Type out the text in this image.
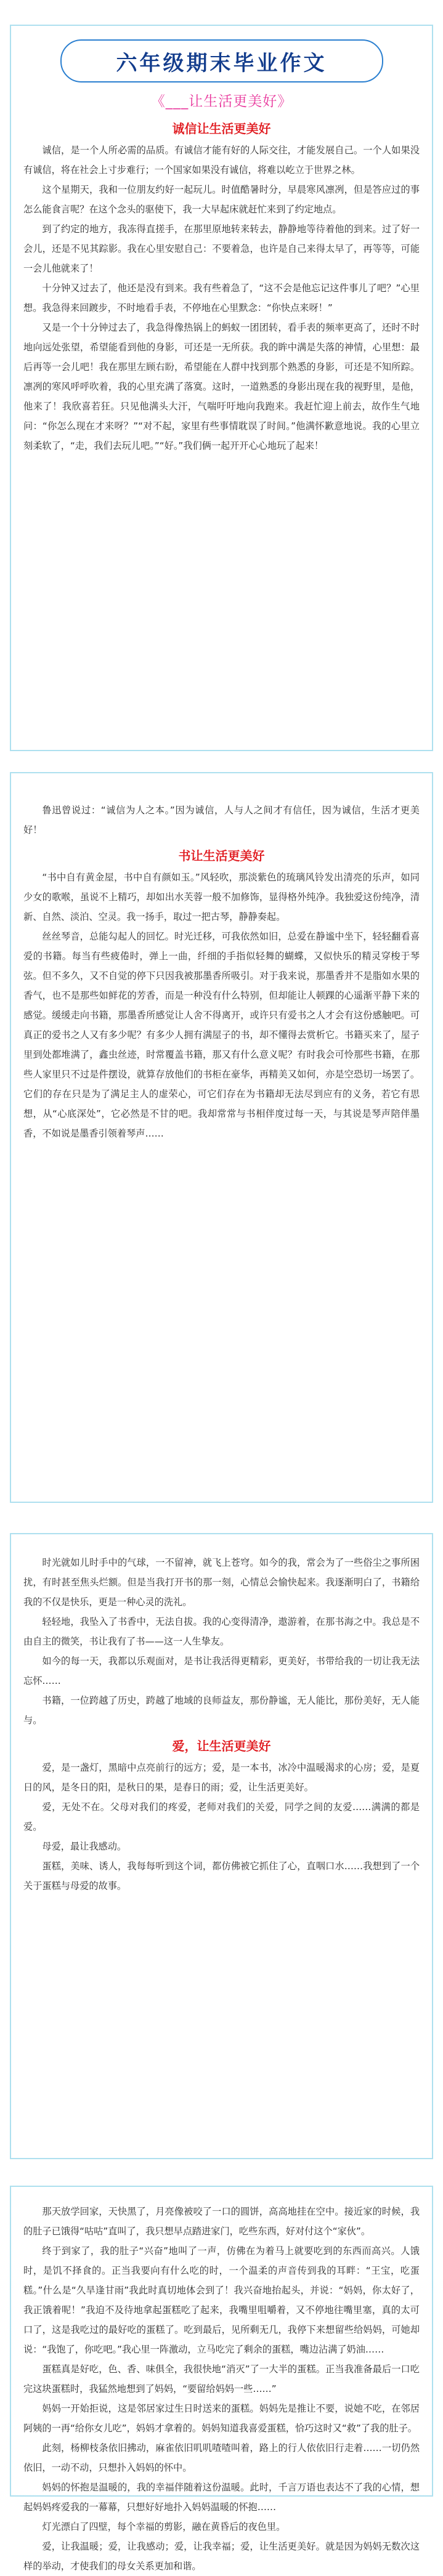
六年级期末毕业作文
《___让生活更美好》
诚信让生活更美好

诚信，是一个人所必需的品质。有诚信才能有好的人际交往，才能发展自己。一个人如果没有诚信，将在社会上寸步难行；一个国家如果没有诚信，将难以屹立于世界之林。

这个星期天，我和一位朋友约好一起玩儿。时值酷暑时分，早晨寒风凛冽，但是答应过的事怎么能食言呢？在这个念头的驱使下，我一大早起床就赶忙来到了约定地点。

到了约定的地方，我冻得直搓手，在那里原地转来转去，静静地等待着他的到来。过了好一会儿，还是不见其踪影。我在心里安慰自己：不要着急，也许是自己来得太早了，再等等，可能一会儿他就来了！

十分钟又过去了，他还是没有到来。我有些着急了，“这不会是他忘记这件事儿了吧？”心里想。我急得来回踱步，不时地看手表，不停地在心里默念：“你快点来呀！”

又是一个十分钟过去了，我急得像热锅上的蚂蚁一团团转，看手表的频率更高了，还时不时地向远处张望，希望能看到他的身影，可还是一无所获。我的眸中满是失落的神情，心里想：最后再等一会儿吧！我在那里左顾右盼，希望能在人群中找到那个熟悉的身影，可还是不知所踪。凛冽的寒风呼呼吹着，我的心里充满了落寞。这时，一道熟悉的身影出现在我的视野里，是他，他来了！我欣喜若狂。只见他满头大汗，气喘吁吁地向我跑来。我赶忙迎上前去，故作生气地问：“你怎么现在才来呀？”“对不起，家里有些事情耽误了时间。”他满怀歉意地说。我的心里立刻柔软了，“走，我们去玩儿吧。”“好。”我们俩一起开开心心地玩了起来！

鲁迅曾说过：“诚信为人之本。”因为诚信，人与人之间才有信任，因为诚信，生活才更美好！

书让生活更美好

“书中自有黄金屋，书中自有颜如玉。”风轻吹，那淡紫色的琉璃风铃发出清亮的乐声，如同少女的歌喉，虽说不上精巧，却如出水芙蓉一般不加修饰，显得格外纯净。我独爱这份纯净，清新、自然、淡泊、空灵。我一扬手，取过一把古琴，静静奏起。

丝丝琴音，总能勾起人的回忆。时光迁移，可我依然如旧，总爱在静谧中坐下，轻轻翻看喜爱的书籍。每当有些疲倦时，弹上一曲，纤细的手指似轻舞的蝴蝶，又似快乐的精灵穿梭于琴弦。但不多久，又不自觉的停下只因我被那墨香所吸引。对于我来说，那墨香并不是脂如水果的香气，也不是那些如鲜花的芳香，而是一种没有什么特别，但却能让人顿踝的心遥渐平静下来的感觉。缓缓走向书籍，那墨香所感觉让人舍不得离开，或许只有爱书之人才会有这份感触吧。可真正的爱书之人又有多少呢？有多少人拥有满屋子的书，却不懂得去赏析它。书籍买来了，屋子里到处都堆满了，鑫虫丝迹，时常覆盖书籍，那又有什么意义呢？有时我会可怜那些书籍，在那些人家里只不过是件摆设，就算存放他们的书柜在豪华，再精美又如何，亦是空恐切一场罢了。它们的存在只是为了满足主人的虚荣心，可它们存在为书籍却无法尽到应有的义务，若它有思想，从“心底深处”，它必然是不甘的吧。我却常常与书相伴度过每一天，与其说是琴声陪伴墨香，不如说是墨香引领着琴声……

时光就如儿时手中的气球，一不留神，就飞上苍穹。如今的我，常会为了一些俗尘之事所困扰，有时甚至焦头烂额。但是当我打开书的那一刻，心情总会愉快起来。我逐渐明白了，书籍给我的不仅是快乐，更是一种心灵的洗礼。

轻轻地，我坠入了书香中，无法自拔。我的心变得清净，遨游着，在那书海之中。我总是不由自主的微笑，书让我有了书——这一人生挚友。

如今的每一天，我都以乐观面对，是书让我活得更精彩，更美好，书带给我的一切让我无法忘怀……

书籍，一位跨越了历史，跨越了地域的良师益友，那份静谧，无人能比，那份美好，无人能与。

爱，让生活更美好

爱，是一盏灯，黑暗中点亮前行的远方；爱，是一本书，冰冷中温暖渴求的心房；爱，是夏日的风，是冬日的阳，是秋日的果，是春日的雨；爱，让生活更美好。

爱，无处不在。父母对我们的疼爱，老师对我们的关爱，同学之间的友爱……满满的都是爱。

母爱，最让我感动。

蛋糕，美味、诱人，我每每听到这个词，都仿佛被它抓住了心，直咽口水……我想到了一个关于蛋糕与母爱的故事。

那天放学回家，天快黑了，月亮像被咬了一口的圆饼，高高地挂在空中。接近家的时候，我的肚子已饿得“咕咕”直叫了，我只想早点踏进家门，吃些东西，好对付这个“家伙”。

终于到家了，我的肚子“兴奋”地叫了一声，仿佛在为着马上就要吃到的东西而高兴。人饿时，是饥不择食的。正当我要向有什么吃的时，一个温柔的声音传到我的耳畔：“王宝，吃蛋糕。”什么是“久旱逢甘雨”我此时真切地体会到了！我兴奋地抬起头，并说：“妈妈，你太好了，我正饿着呢！”我迫不及待地拿起蛋糕吃了起来，我嘴里咀嚼着，又不停地往嘴里塞，真的太可口了，这是我吃过的最好吃的蛋糕了。吃到最后，见所剩无几，我停下来想留些给妈妈，可她却说：“我饱了，你吃吧。”我心里一阵激动，立马吃完了剩余的蛋糕，嘴边沾满了奶油……

蛋糕真是好吃，色、香、味俱全，我很快地“消灭”了一大半的蛋糕。正当我准备最后一口吃完这块蛋糕时，我猛然地想到了妈妈，“要留给妈妈一些……”

妈妈一开始拒说，这是邻居家过生日时送来的蛋糕。妈妈先是推让不要，说她不吃，在邻居阿姨的一再“给你女儿吃”，妈妈才拿着的。妈妈知道我喜爱蛋糕，恰巧这时又“救”了我的肚子。

此刻，杨柳枝条依旧拂动，麻雀依旧叽叽喳喳叫着，路上的行人依依旧行走着……一切仍然依旧，一动不动，只想扑入妈妈的怀中。

妈妈的怀抱是温暖的，我的幸福伴随着这份温暖。此时，千言万语也表达不了我的心情，想起妈妈疼爱我的一幕幕，只想好好地扑入妈妈温暖的怀抱……

灯光漂白了四壁，每个幸福的剪影，融在黄昏后的夜色里。

爱，让我温暖；爱，让我感动；爱，让我幸福；爱，让生活更美好。就是因为妈妈无数次这样的举动，才使我们的母女关系更加和谐。
